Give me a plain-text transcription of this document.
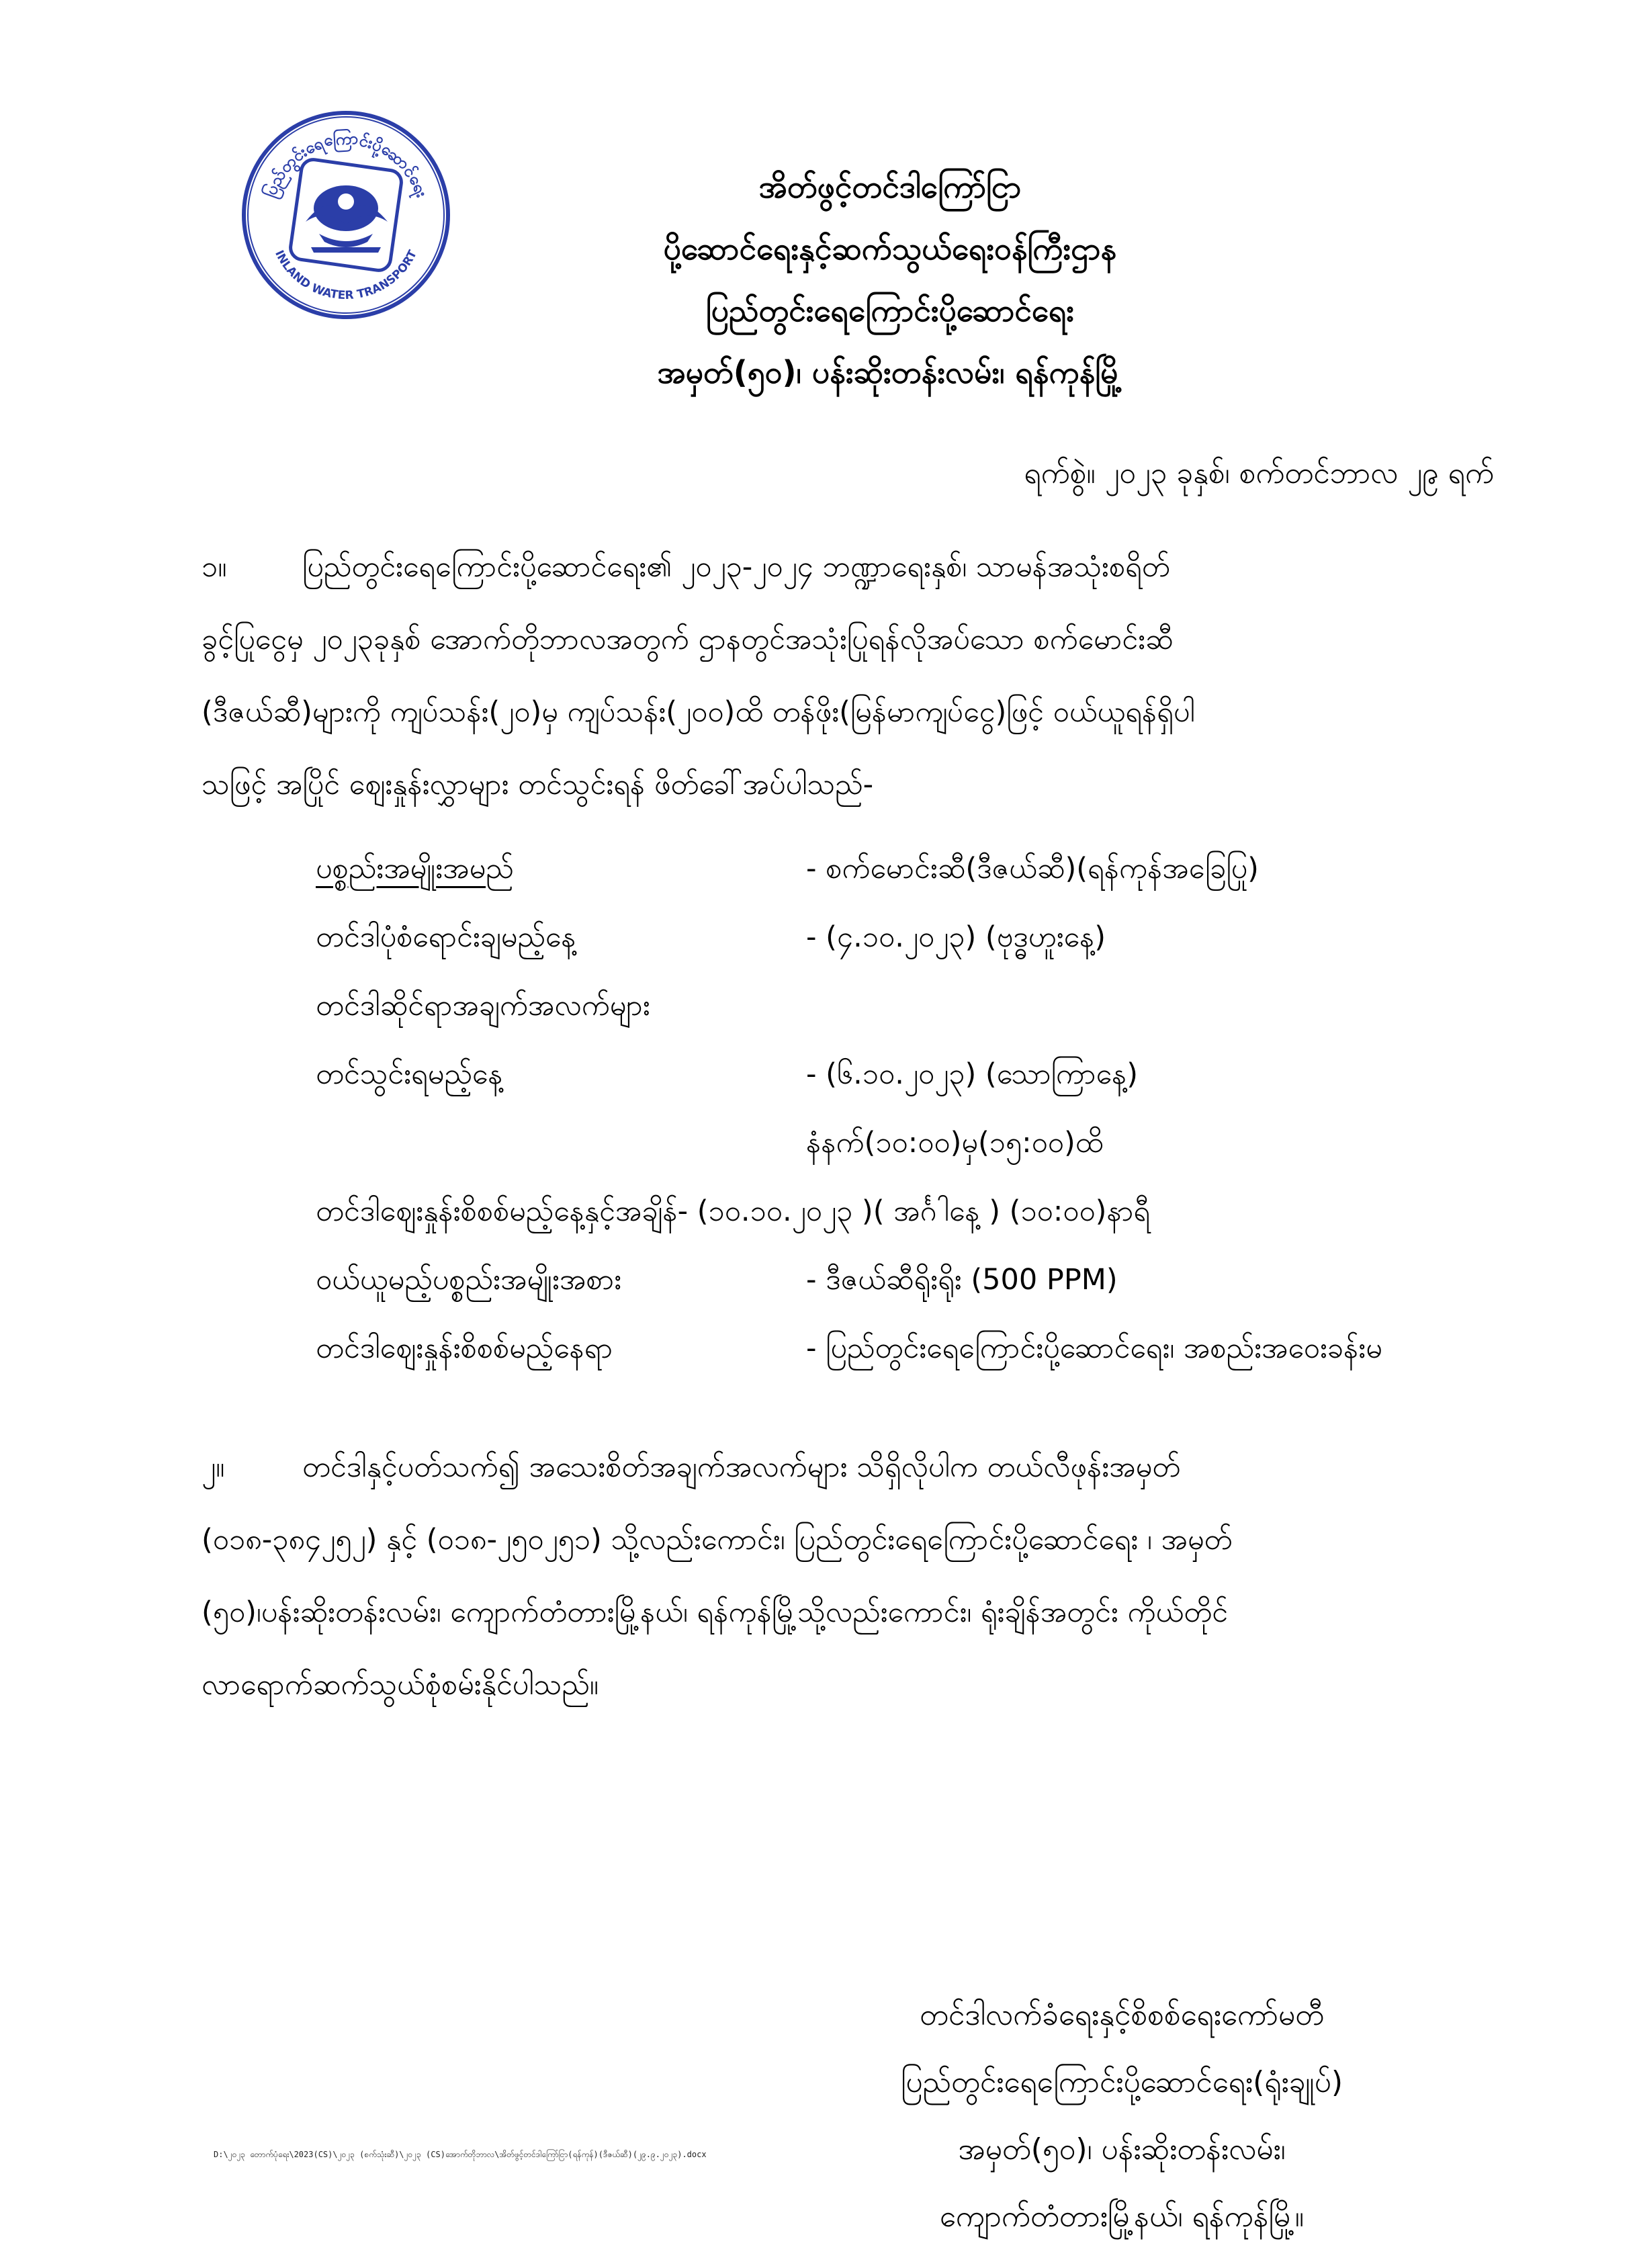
ပြည်တွင်းရေကြောင်းပို့ဆောင်ရေး
INLAND WATER TRANSPORT
အိတ်ဖွင့်တင်ဒါကြော်ငြာ
ပို့ဆောင်ရေးနှင့်ဆက်သွယ်ရေးဝန်ကြီးဌာန
ပြည်တွင်းရေကြောင်းပို့ဆောင်ရေး
အမှတ်(၅၀)၊ ပန်းဆိုးတန်းလမ်း၊ ရန်ကုန်မြို့
ရက်စွဲ။ ၂၀၂၃ ခုနှစ်၊ စက်တင်ဘာလ ၂၉ ရက်
၁။	ပြည်တွင်းရေကြောင်းပို့ဆောင်ရေး၏ ၂၀၂၃-၂၀၂၄ ဘဏ္ဍာရေးနှစ်၊ သာမန်အသုံးစရိတ်
ခွင့်ပြုငွေမှ ၂၀၂၃ခုနှစ် အောက်တိုဘာလအတွက် ဌာနတွင်အသုံးပြုရန်လိုအပ်သော စက်မောင်းဆီ
(ဒီဇယ်ဆီ)များကို ကျပ်သန်း(၂၀)မှ ကျပ်သန်း(၂၀၀)ထိ တန်ဖိုး(မြန်မာကျပ်ငွေ)ဖြင့် ဝယ်ယူရန်ရှိပါ
သဖြင့် အပြိုင် ဈေးနှုန်းလွှာများ တင်သွင်းရန် ဖိတ်ခေါ်အပ်ပါသည်-
ပစ္စည်းအမျိုးအမည်	- စက်မောင်းဆီ(ဒီဇယ်ဆီ)(ရန်ကုန်အခြေပြု)
တင်ဒါပုံစံရောင်းချမည့်နေ့	- (၄.၁၀.၂၀၂၃) (ဗုဒ္ဓဟူးနေ့)
တင်ဒါဆိုင်ရာအချက်အလက်များ
တင်သွင်းရမည့်နေ့	- (၆.၁၀.၂၀၂၃) (သောကြာနေ့)
နံနက်(၁၀:၀၀)မှ(၁၅:၀၀)ထိ
တင်ဒါဈေးနှုန်းစိစစ်မည့်နေ့နှင့်အချိန်- (၁၀.၁၀.၂၀၂၃ )( အင်္ဂါနေ့ ) (၁၀:၀၀)နာရီ
ဝယ်ယူမည့်ပစ္စည်းအမျိုးအစား	- ဒီဇယ်ဆီရိုးရိုး (500 PPM)
တင်ဒါဈေးနှုန်းစိစစ်မည့်နေရာ	- ပြည်တွင်းရေကြောင်းပို့ဆောင်ရေး၊ အစည်းအဝေးခန်းမ
၂။	တင်ဒါနှင့်ပတ်သက်၍ အသေးစိတ်အချက်အလက်များ သိရှိလိုပါက တယ်လီဖုန်းအမှတ်
(၀၁၈-၃၈၄၂၅၂) နှင့် (၀၁၈-၂၅၀၂၅၁) သို့လည်းကောင်း၊ ပြည်တွင်းရေကြောင်းပို့ဆောင်ရေး ၊ အမှတ်
(၅၀)၊ပန်းဆိုးတန်းလမ်း၊ ကျောက်တံတားမြို့နယ်၊ ရန်ကုန်မြို့သို့လည်းကောင်း၊ ရုံးချိန်အတွင်း ကိုယ်တိုင်
လာရောက်ဆက်သွယ်စုံစမ်းနိုင်ပါသည်။
တင်ဒါလက်ခံရေးနှင့်စိစစ်ရေးကော်မတီ
ပြည်တွင်းရေကြောင်းပို့ဆောင်ရေး(ရုံးချုပ်)
အမှတ်(၅၀)၊ ပန်းဆိုးတန်းလမ်း၊
ကျောက်တံတားမြို့နယ်၊ ရန်ကုန်မြို့။
D:\၂၀၂၃ တောက်ပုံရေး\2023(CS)\၂၀၂၃ (စက်သုံးဆီ)\၂၀၂၃ (CS)အောက်တိုဘာလ\အိတ်ဖွင့်တင်ဒါကြော်ငြာ(ရန်ကုန်)(ဒီဇယ်ဆီ)(၂၉.၉.၂၀၂၃).docx
